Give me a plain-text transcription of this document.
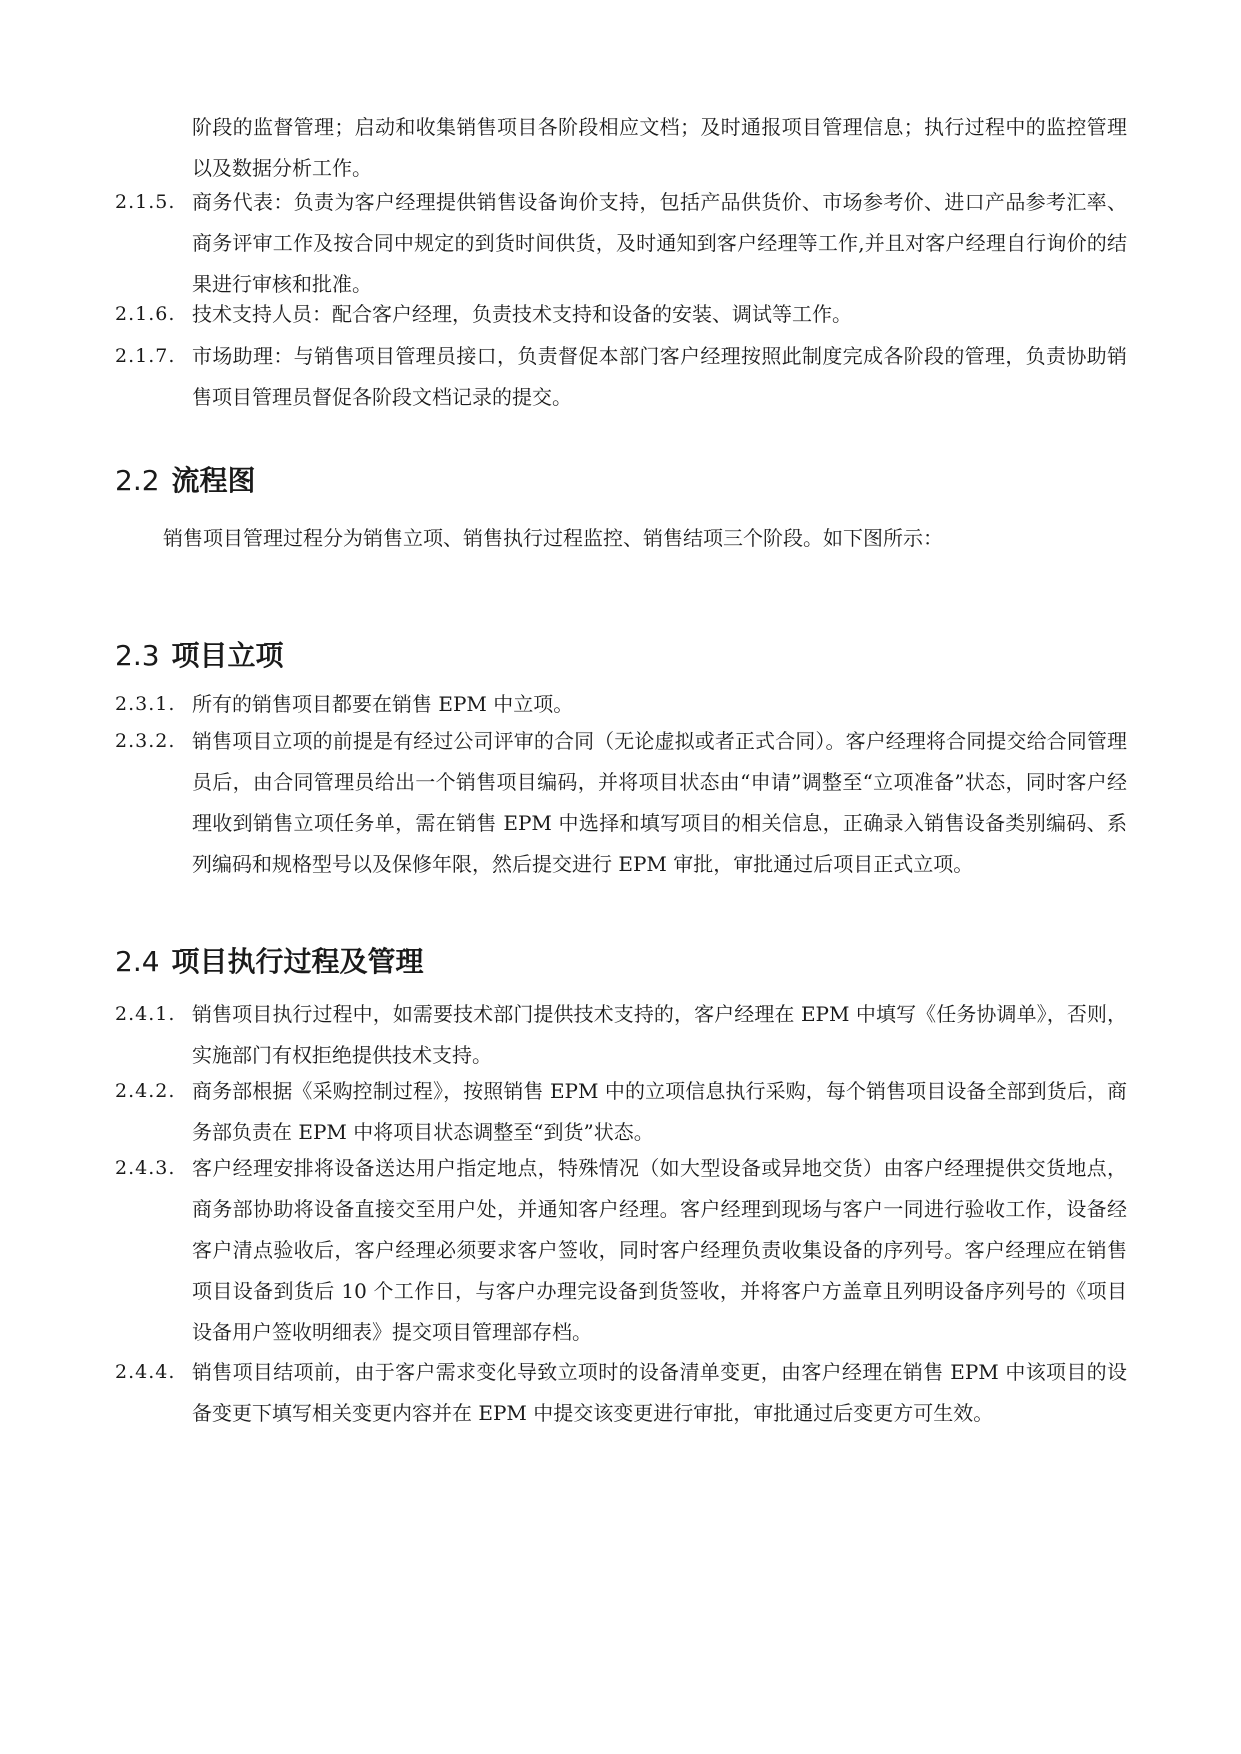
阶段的监督管理；启动和收集销售项目各阶段相应文档；及时通报项目管理信息；执行过程中的监控管理以及数据分析工作。
2.1.5. 商务代表：负责为客户经理提供销售设备询价支持，包括产品供货价、市场参考价、进口产品参考汇率、商务评审工作及按合同中规定的到货时间供货，及时通知到客户经理等工作,并且对客户经理自行询价的结果进行审核和批准。
2.1.6. 技术支持人员：配合客户经理，负责技术支持和设备的安装、调试等工作。
2.1.7. 市场助理：与销售项目管理员接口，负责督促本部门客户经理按照此制度完成各阶段的管理，负责协助销售项目管理员督促各阶段文档记录的提交。
2.2 流程图
销售项目管理过程分为销售立项、销售执行过程监控、销售结项三个阶段。如下图所示：
2.3 项目立项
2.3.1. 所有的销售项目都要在销售 EPM 中立项。
2.3.2. 销售项目立项的前提是有经过公司评审的合同（无论虚拟或者正式合同）。客户经理将合同提交给合同管理员后，由合同管理员给出一个销售项目编码，并将项目状态由“申请”调整至“立项准备”状态，同时客户经理收到销售立项任务单，需在销售 EPM 中选择和填写项目的相关信息，正确录入销售设备类别编码、系列编码和规格型号以及保修年限，然后提交进行 EPM 审批，审批通过后项目正式立项。
2.4 项目执行过程及管理
2.4.1. 销售项目执行过程中，如需要技术部门提供技术支持的，客户经理在 EPM 中填写《任务协调单》，否则，实施部门有权拒绝提供技术支持。
2.4.2. 商务部根据《采购控制过程》，按照销售 EPM 中的立项信息执行采购，每个销售项目设备全部到货后，商务部负责在 EPM 中将项目状态调整至“到货”状态。
2.4.3. 客户经理安排将设备送达用户指定地点，特殊情况（如大型设备或异地交货）由客户经理提供交货地点，商务部协助将设备直接交至用户处，并通知客户经理。客户经理到现场与客户一同进行验收工作，设备经客户清点验收后，客户经理必须要求客户签收，同时客户经理负责收集设备的序列号。客户经理应在销售项目设备到货后 10 个工作日，与客户办理完设备到货签收，并将客户方盖章且列明设备序列号的《项目设备用户签收明细表》提交项目管理部存档。
2.4.4. 销售项目结项前，由于客户需求变化导致立项时的设备清单变更，由客户经理在销售 EPM 中该项目的设备变更下填写相关变更内容并在 EPM 中提交该变更进行审批，审批通过后变更方可生效。
